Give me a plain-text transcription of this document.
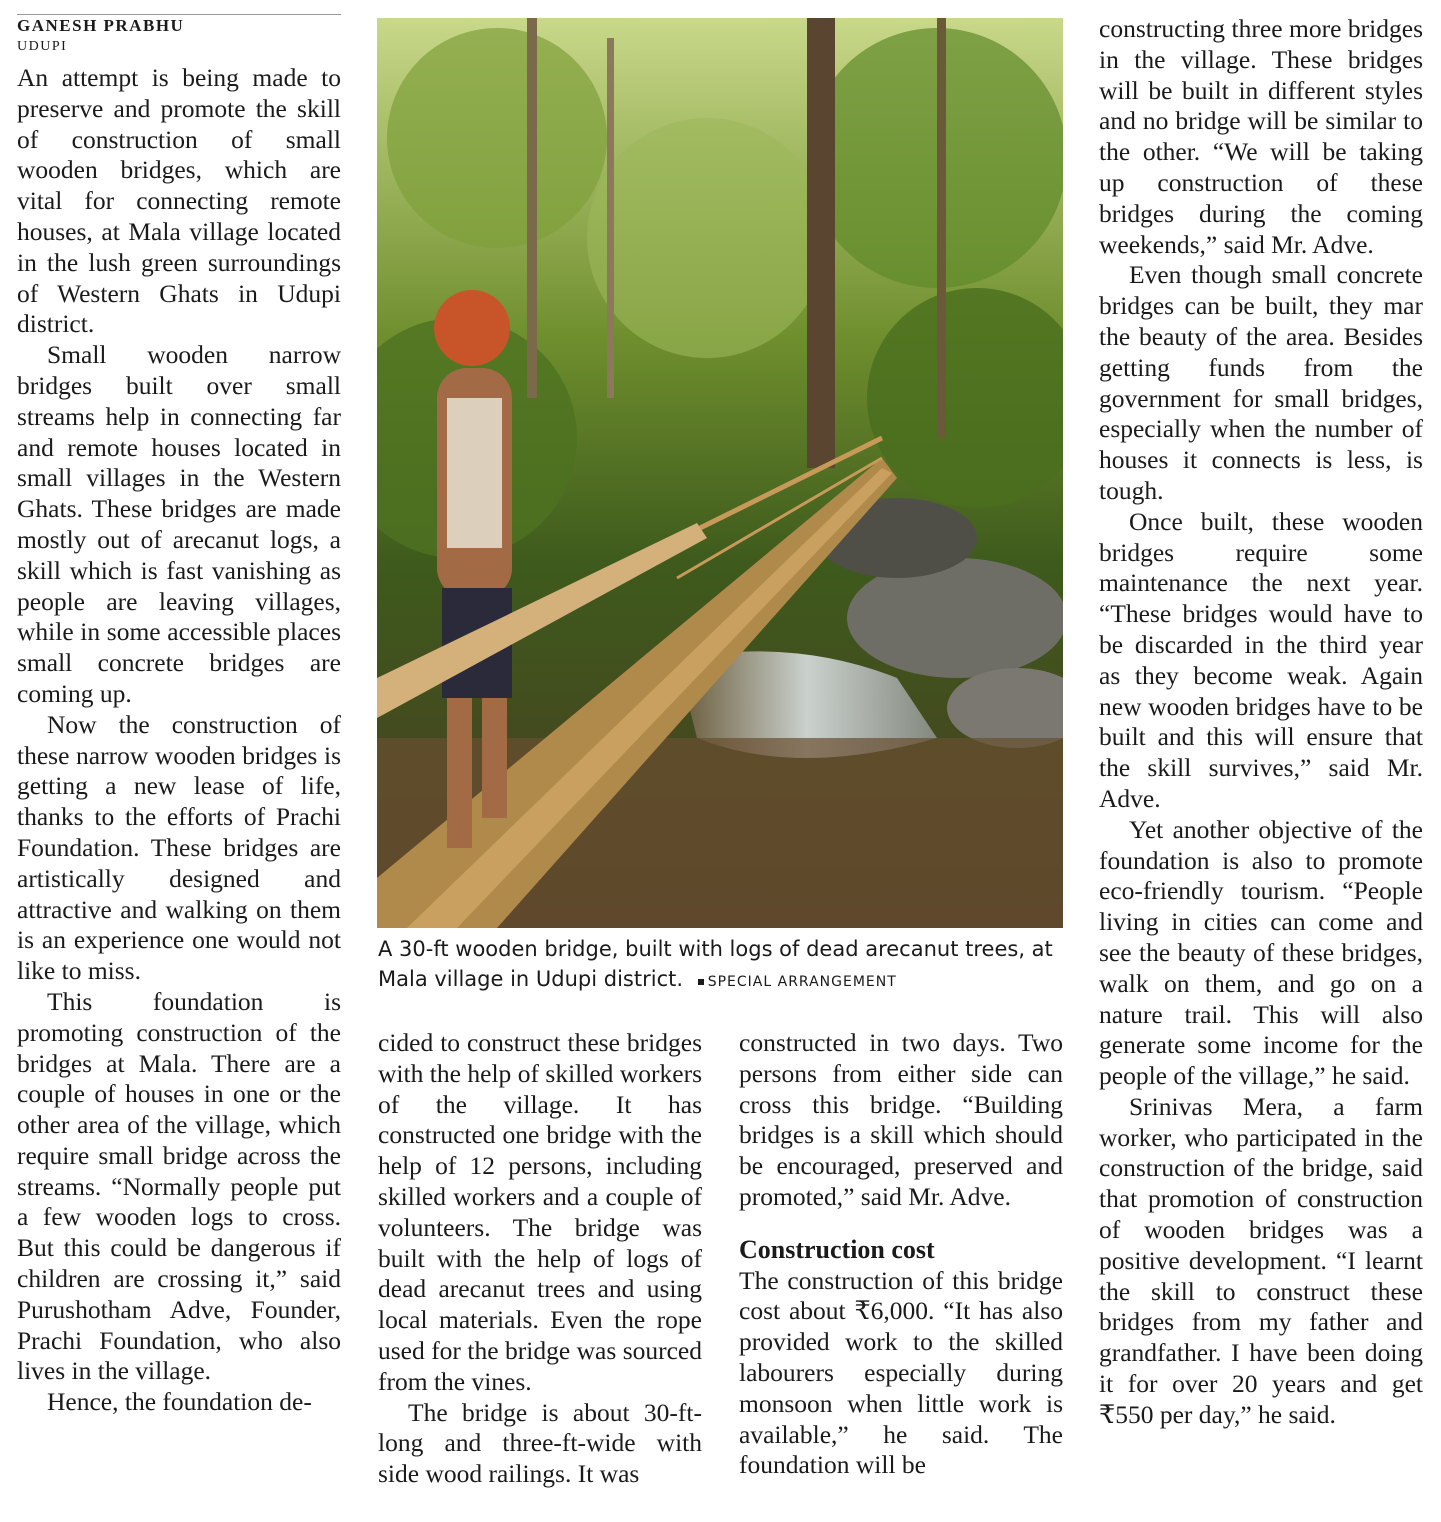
GANESH PRABHU

UDUPI

An attempt is being made to preserve and promote the skill of construction of small wooden bridges, which are vital for connecting remote houses, at Mala village located in the lush green surroundings of Western Ghats in Udupi district.

Small wooden narrow bridges built over small streams help in connecting far and remote houses located in small villages in the Western Ghats. These bridges are made mostly out of arecanut logs, a skill which is fast vanishing as people are leaving villages, while in some accessible places small concrete bridges are coming up.

Now the construction of these narrow wooden bridges is getting a new lease of life, thanks to the efforts of Prachi Foundation. These bridges are artistically designed and attractive and walking on them is an experience one would not like to miss.

This foundation is promoting construction of the bridges at Mala. There are a couple of houses in one or the other area of the village, which require small bridge across the streams. “Normally people put a few wooden logs to cross. But this could be dangerous if children are crossing it,” said Purushotham Adve, Founder, Prachi Foundation, who also lives in the village.

Hence, the foundation de-

A 30-ft wooden bridge, built with logs of dead arecanut trees, at Mala village in Udupi district. SPECIAL ARRANGEMENT

cided to construct these bridges with the help of skilled workers of the village. It has constructed one bridge with the help of 12 persons, including skilled workers and a couple of volunteers. The bridge was built with the help of logs of dead arecanut trees and using local materials. Even the rope used for the bridge was sourced from the vines.

The bridge is about 30-ft-long and three-ft-wide with side wood railings. It was

constructed in two days. Two persons from either side can cross this bridge. “Building bridges is a skill which should be encouraged, preserved and promoted,” said Mr. Adve.

Construction cost

The construction of this bridge cost about ₹6,000. “It has also provided work to the skilled labourers especially during monsoon when little work is available,” he said. The foundation will be

constructing three more bridges in the village. These bridges will be built in different styles and no bridge will be similar to the other. “We will be taking up construction of these bridges during the coming weekends,” said Mr. Adve.

Even though small concrete bridges can be built, they mar the beauty of the area. Besides getting funds from the government for small bridges, especially when the number of houses it connects is less, is tough.

Once built, these wooden bridges require some maintenance the next year. “These bridges would have to be discarded in the third year as they become weak. Again new wooden bridges have to be built and this will ensure that the skill survives,” said Mr. Adve.

Yet another objective of the foundation is also to promote eco-friendly tourism. “People living in cities can come and see the beauty of these bridges, walk on them, and go on a nature trail. This will also generate some income for the people of the village,” he said.

Srinivas Mera, a farm worker, who participated in the construction of the bridge, said that promotion of construction of wooden bridges was a positive development. “I learnt the skill to construct these bridges from my father and grandfather. I have been doing it for over 20 years and get ₹550 per day,” he said.
